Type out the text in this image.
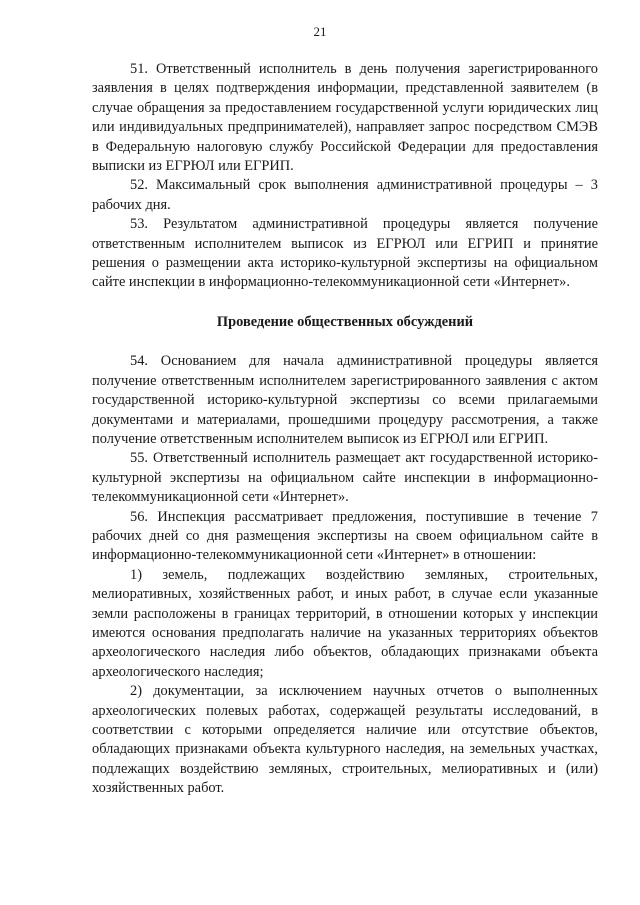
21

51. Ответственный исполнитель в день получения зарегистрированного заявления в целях подтверждения информации, представленной заявителем (в случае обращения за предоставлением государственной услуги юридических лиц или индивидуальных предпринимателей), направляет запрос посредством СМЭВ в Федеральную налоговую службу Российской Федерации для предоставления выписки из ЕГРЮЛ или ЕГРИП.

52. Максимальный срок выполнения административной процедуры – 3 рабочих дня.

53. Результатом административной процедуры является получение ответственным исполнителем выписок из ЕГРЮЛ или ЕГРИП и принятие решения о размещении акта историко-культурной экспертизы на официальном сайте инспекции в информационно-телекоммуникационной сети «Интернет».

Проведение общественных обсуждений

54. Основанием для начала административной процедуры является получение ответственным исполнителем зарегистрированного заявления с актом государственной историко-культурной экспертизы со всеми прилагаемыми документами и материалами, прошедшими процедуру рассмотрения, а также получение ответственным исполнителем выписок из ЕГРЮЛ или ЕГРИП.

55. Ответственный исполнитель размещает акт государственной историко-культурной экспертизы на официальном сайте инспекции в информационно-телекоммуникационной сети «Интернет».

56. Инспекция рассматривает предложения, поступившие в течение 7 рабочих дней со дня размещения экспертизы на своем официальном сайте в информационно-телекоммуникационной сети «Интернет» в отношении:

1) земель, подлежащих воздействию земляных, строительных, мелиоративных, хозяйственных работ, и иных работ, в случае если указанные земли расположены в границах территорий, в отношении которых у инспекции имеются основания предполагать наличие на указанных территориях объектов археологического наследия либо объектов, обладающих признаками объекта археологического наследия;

2) документации, за исключением научных отчетов о выполненных археологических полевых работах, содержащей результаты исследований, в соответствии с которыми определяется наличие или отсутствие объектов, обладающих признаками объекта культурного наследия, на земельных участках, подлежащих воздействию земляных, строительных, мелиоративных и (или) хозяйственных работ.
